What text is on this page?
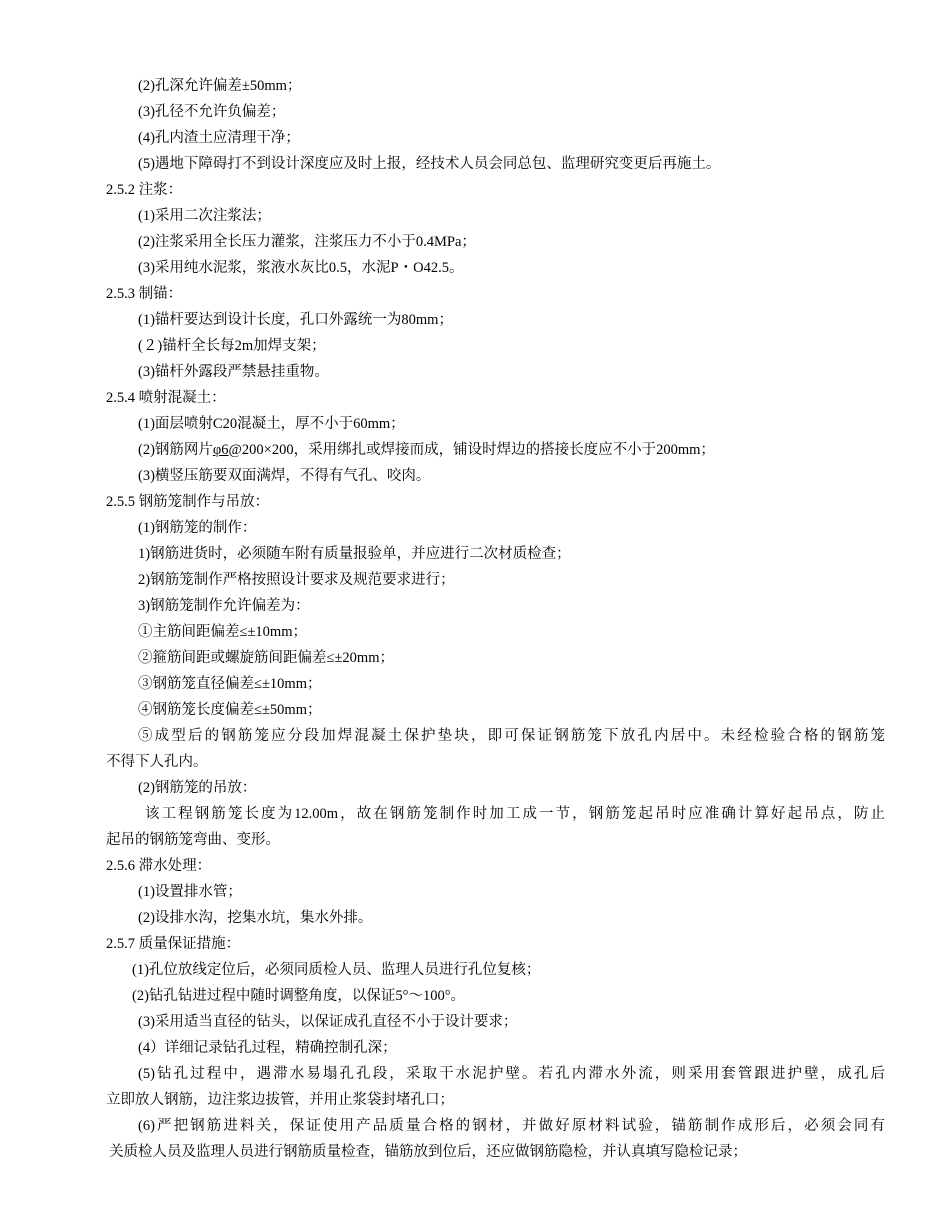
(2)孔深允许偏差±50mm；
(3)孔径不允许负偏差；
(4)孔内渣土应清理干净；
(5)遇地下障碍打不到设计深度应及时上报，经技术人员会同总包、监理研究变更后再施土。
2.5.2 注浆：
(1)采用二次注浆法；
(2)注浆采用全长压力灌浆，注浆压力不小于0.4MPa；
(3)采用纯水泥浆，浆液水灰比0.5，水泥P・O42.5。
2.5.3 制锚：
(1)锚杆要达到设计长度，孔口外露统一为80mm；
(２)锚杆全长每2m加焊支架；
(3)锚杆外露段严禁悬挂重物。
2.5.4 喷射混凝土：
(1)面层喷射C20混凝土，厚不小于60mm；
(2)钢筋网片φ6@200×200，采用绑扎或焊接而成，铺设时焊边的搭接长度应不小于200mm；
(3)横竖压筋要双面满焊，不得有气孔、咬肉。
2.5.5 钢筋笼制作与吊放：
(1)钢筋笼的制作：
1)钢筋进货时，必须随车附有质量报验单，并应进行二次材质检查；
2)钢筋笼制作严格按照设计要求及规范要求进行；
3)钢筋笼制作允许偏差为：
①主筋间距偏差≤±10mm；
②箍筋间距或螺旋筋间距偏差≤±20mm；
③钢筋笼直径偏差≤±10mm；
④钢筋笼长度偏差≤±50mm；
⑤成型后的钢筋笼应分段加焊混凝土保护垫块，即可保证钢筋笼下放孔内居中。未经检验合格的钢筋笼
不得下人孔内。
(2)钢筋笼的吊放：
该工程钢筋笼长度为12.00m，故在钢筋笼制作时加工成一节，钢筋笼起吊时应准确计算好起吊点，防止
起吊的钢筋笼弯曲、变形。
2.5.6 滞水处理：
(1)设置排水管；
(2)设排水沟，挖集水坑，集水外排。
2.5.7 质量保证措施：
(1)孔位放线定位后，必须同质检人员、监理人员进行孔位复核；
(2)钻孔钻进过程中随时调整角度，以保证5°～100°。
(3)采用适当直径的钻头，以保证成孔直径不小于设计要求；
(4）详细记录钻孔过程，精确控制孔深；
(5)钻孔过程中，遇滞水易塌孔孔段，采取干水泥护壁。若孔内滞水外流，则采用套管跟进护壁，成孔后
立即放人钢筋，边注浆边拔管，并用止浆袋封堵孔口；
(6)严把钢筋进料关，保证使用产品质量合格的钢材，并做好原材料试验，锚筋制作成形后，必须会同有
关质检人员及监理人员进行钢筋质量检查，锚筋放到位后，还应做钢筋隐检，并认真填写隐检记录；
